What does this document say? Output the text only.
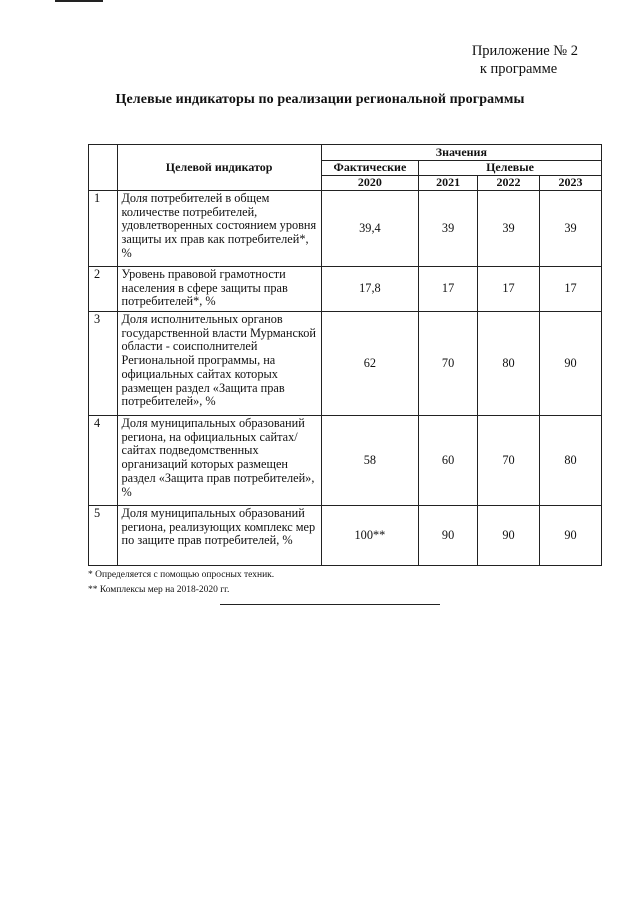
Приложение № 2
к программе
Целевые индикаторы по реализации региональной программы
	Целевой индикатор	Значения			
		Фактические	Целевые		
		2020	2021	2022	2023
1	Доля потребителей в общем количестве потребителей, удовлетворенных состоянием уровня защиты их прав как потребителей*, %	39,4	39	39	39
2	Уровень правовой грамотности населения в сфере защиты прав потребителей*, %	17,8	17	17	17
3	Доля исполнительных органов государственной власти Мурманской области - соисполнителей Региональной программы, на официальных сайтах которых размещен раздел «Защита прав потребителей», %	62	70	80	90
4	Доля муниципальных образований региона, на официальных сайтах/ сайтах подведомственных организаций которых размещен раздел «Защита прав потребителей», %	58	60	70	80
5	Доля муниципальных образований региона, реализующих комплекс мер по защите прав потребителей, %	100**	90	90	90
* Определяется с помощью опросных техник.
** Комплексы мер на 2018-2020 гг.
